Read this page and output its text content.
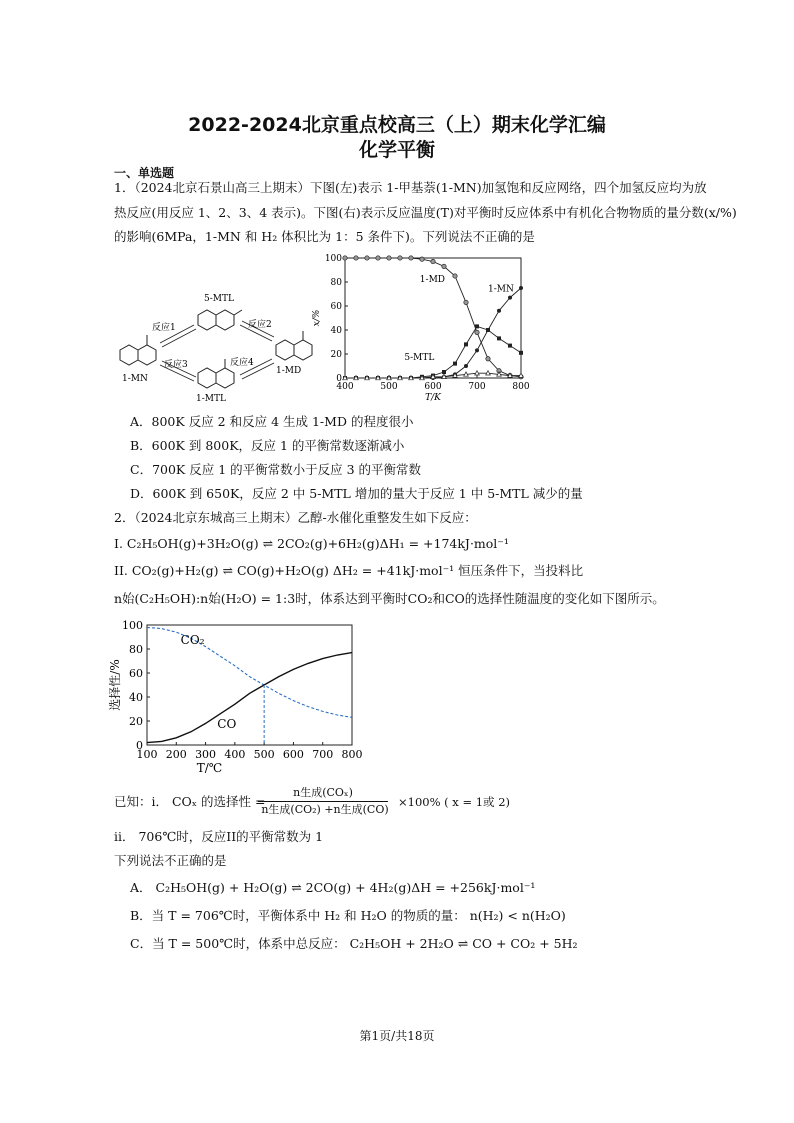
2022-2024北京重点校高三（上）期末化学汇编
化学平衡
一、单选题
1．（2024北京石景山高三上期末）下图(左)表示 1-甲基萘(1-MN)加氢饱和反应网络，四个加氢反应均为放
热反应(用反应 1、2、3、4 表示)。下图(右)表示反应温度(T)对平衡时反应体系中有机化合物物质的量分数(x/%)
的影响(6MPa，1-MN 和 H₂ 体积比为 1：5 条件下)。下列说法不正确的是
1-MN
5-MTL
1-MTL
1-MD
反应1	反应2
反应3	反应4
400	500	600	700	800
0
20
40
60
80
100
T/K
x/%
1-MD
1-MN
5-MTL
A．800K 反应 2 和反应 4 生成 1-MD 的程度很小
B．600K 到 800K，反应 1 的平衡常数逐渐减小
C．700K 反应 1 的平衡常数小于反应 3 的平衡常数
D．600K 到 650K，反应 2 中 5-MTL 增加的量大于反应 1 中 5-MTL 减少的量
2．（2024北京东城高三上期末）乙醇-水催化重整发生如下反应：
I. C₂H₅OH(g)+3H₂O(g) ⇌ 2CO₂(g)+6H₂(g)ΔH₁ = +174kJ·mol⁻¹
II. CO₂(g)+H₂(g) ⇌ CO(g)+H₂O(g) ΔH₂ = +41kJ·mol⁻¹ 恒压条件下，当投料比
n始(C₂H₅OH):n始(H₂O) = 1:3时，体系达到平衡时CO₂和CO的选择性随温度的变化如下图所示。
100 200 300 400 500 600 700 800
0
20
40
60
80
100
T/℃
选择性/%
CO₂
CO
已知：i． COₓ 的选择性 =
n生成(COₓ)
n生成(CO₂) +n生成(CO)
×100% ( x = 1或 2)
ii． 706℃时，反应II的平衡常数为 1
下列说法不正确的是
A． C₂H₅OH(g) + H₂O(g) ⇌ 2CO(g) + 4H₂(g)ΔH = +256kJ·mol⁻¹
B．当 T = 706℃时，平衡体系中 H₂ 和 H₂O 的物质的量： n(H₂) < n(H₂O)
C．当 T = 500℃时，体系中总反应： C₂H₅OH + 2H₂O ⇌ CO + CO₂ + 5H₂
第1页/共18页
